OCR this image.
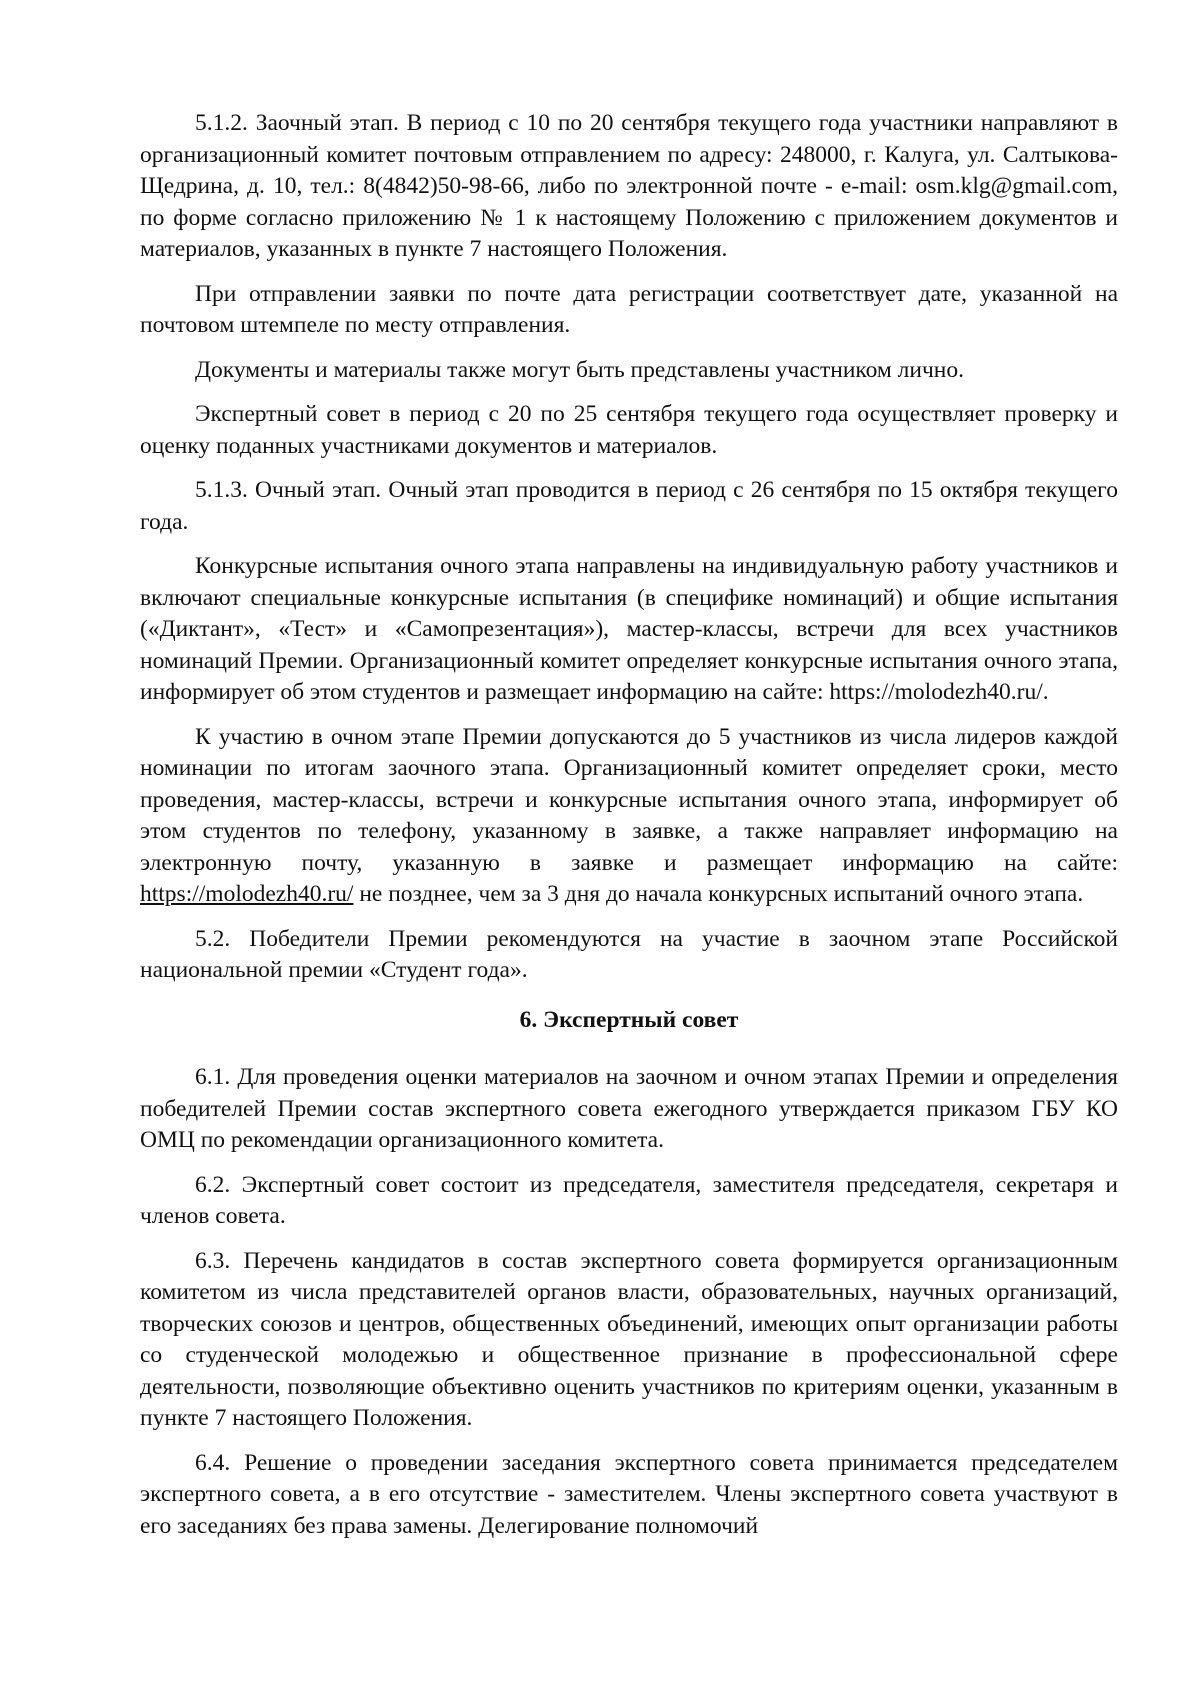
5.1.2. Заочный этап. В период с 10 по 20 сентября текущего года участники направляют в организационный комитет почтовым отправлением по адресу: 248000, г. Калуга, ул. Салтыкова-Щедрина, д. 10, тел.: 8(4842)50-98-66, либо по электронной почте - e-mail: osm.klg@gmail.com, по форме согласно приложению № 1 к настоящему Положению с приложением документов и материалов, указанных в пункте 7 настоящего Положения.

При отправлении заявки по почте дата регистрации соответствует дате, указанной на почтовом штемпеле по месту отправления.

Документы и материалы также могут быть представлены участником лично.

Экспертный совет в период с 20 по 25 сентября текущего года осуществляет проверку и оценку поданных участниками документов и материалов.

5.1.3. Очный этап. Очный этап проводится в период с 26 сентября по 15 октября текущего года.

Конкурсные испытания очного этапа направлены на индивидуальную работу участников и включают специальные конкурсные испытания (в специфике номинаций) и общие испытания («Диктант», «Тест» и «Самопрезентация»), мастер-классы, встречи для всех участников номинаций Премии. Организационный комитет определяет конкурсные испытания очного этапа, информирует об этом студентов и размещает информацию на сайте: https://molodezh40.ru/.

К участию в очном этапе Премии допускаются до 5 участников из числа лидеров каждой номинации по итогам заочного этапа. Организационный комитет определяет сроки, место проведения, мастер-классы, встречи и конкурсные испытания очного этапа, информирует об этом студентов по телефону, указанному в заявке, а также направляет информацию на электронную почту, указанную в заявке и размещает информацию на сайте: https://molodezh40.ru/ не позднее, чем за 3 дня до начала конкурсных испытаний очного этапа.

5.2. Победители Премии рекомендуются на участие в заочном этапе Российской национальной премии «Студент года».

6. Экспертный совет

6.1. Для проведения оценки материалов на заочном и очном этапах Премии и определения победителей Премии состав экспертного совета ежегодного утверждается приказом ГБУ КО ОМЦ по рекомендации организационного комитета.

6.2. Экспертный совет состоит из председателя, заместителя председателя, секретаря и членов совета.

6.3. Перечень кандидатов в состав экспертного совета формируется организационным комитетом из числа представителей органов власти, образовательных, научных организаций, творческих союзов и центров, общественных объединений, имеющих опыт организации работы со студенческой молодежью и общественное признание в профессиональной сфере деятельности, позволяющие объективно оценить участников по критериям оценки, указанным в пункте 7 настоящего Положения.

6.4. Решение о проведении заседания экспертного совета принимается председателем экспертного совета, а в его отсутствие - заместителем. Члены экспертного совета участвуют в его заседаниях без права замены. Делегирование полномочий
